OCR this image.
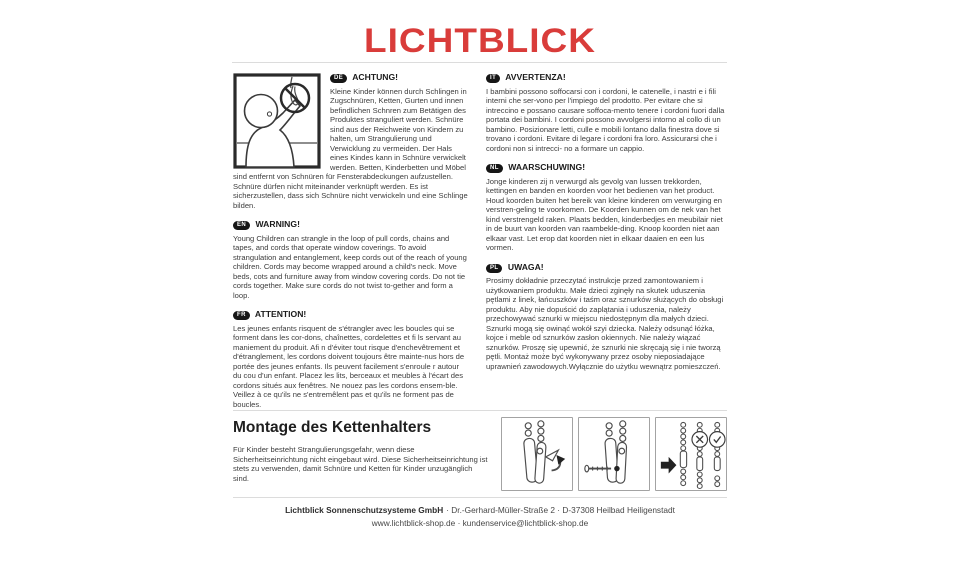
LICHTBLICK
DE ACHTUNG!

Kleine Kinder können durch Schlingen in Zugschnüren, Ketten, Gurten und innen befindlichen Schnren zum Betätigen des Produktes stranguliert werden. Schnüre sind aus der Reichweite von Kindern zu halten, um Strangulierung und Verwicklung zu vermeiden. Der Hals eines Kindes kann in Schnüre verwickelt werden. Betten, Kinderbetten und Möbel sind entfernt von Schnüren für Fensterabdeckungen aufzustellen. Schnüre dürfen nicht miteinander verknüpft werden. Es ist sicherzustellen, dass sich Schnüre nicht verwickeln und eine Schlinge bilden.

EN WARNING!

Young Children can strangle in the loop of pull cords, chains and tapes, and cords that operate window coverings. To avoid strangulation and entanglement, keep cords out of the reach of young children. Cords may become wrapped around a child's neck. Move beds, cots and furniture away from window covering cords. Do not tie cords together. Make sure cords do not twist to-gether and form a loop.

FR ATTENTION!

Les jeunes enfants risquent de s'étrangler avec les boucles qui se forment dans les cor-dons, chaînettes, cordelettes et fi ls servant au maniement du produit. Afi n d'éviter tout risque d'enchevêtrement et d'étranglement, les cordons doivent toujours être mainte-nus hors de portée des jeunes enfants. Ils peuvent facilement s'enroule r autour du cou d'un enfant. Placez les lits, berceaux et meubles à l'écart des cordons situés aux fenêtres. Ne nouez pas les cordons ensem-ble. Veillez à ce qu'ils ne s'entremêlent pas et qu'ils ne forment pas de boucles.

IT AVVERTENZA!

I bambini possono soffocarsi con i cordoni, le catenelle, i nastri e i fili interni che ser-vono per l'impiego del prodotto. Per evitare che si intreccino e possano causare soffoca-mento tenere i cordoni fuori dalla portata dei bambini. I cordoni possono avvolgersi intorno al collo di un bambino. Posizionare letti, culle e mobili lontano dalla finestra dove si trovano i cordoni. Evitare di legare i cordoni fra loro. Assicurarsi che i cordoni non si intrecci- no a formare un cappio.

NL WAARSCHUWING!

Jonge kinderen zij n verwurgd als gevolg van lussen trekkorden, kettingen en banden en koorden voor het bedienen van het product. Houd koorden buiten het bereik van kleine kinderen om verwurging en verstren-geling te voorkomen. De Koorden kunnen om de nek van het kind verstrengeld raken. Plaats bedden, kinderbedjes en meubilair niet in de buurt van koorden van raambekle-ding. Knoop koorden niet aan elkaar vast. Let erop dat koorden niet in elkaar daaien en een lus vormen.

PL UWAGA!

Prosimy dokładnie przeczytać instrukcje przed zamontowaniem i użytkowaniem produktu. Małe dzieci zginęły na skutek uduszenia pętlami z linek, łańcuszków i taśm oraz sznurków służących do obsługi produktu. Aby nie dopuścić do zaplątania i uduszenia, należy przechowywać sznurki w miejscu niedostępnym dla małych dzieci. Sznurki mogą się owinąć wokół szyi dziecka. Należy odsunąć łóżka, kojce i meble od sznurków zasłon okiennych. Nie należy wiązać sznurków. Proszę się upewnić, że sznurki nie skręcają się i nie tworzą pętli. Montaż może być wykonywany przez osoby nieposiadające uprawnień zawodowych.Wyłącznie do użytku wewnątrz pomieszczeń.

Montage des Kettenhalters

Für Kinder besteht Strangulierungsgefahr, wenn diese Sicherheitseinrichtung nicht eingebaut wird. Diese Sicherheitseinrichtung ist stets zu verwenden, damit Schnüre und Ketten für Kinder unzugänglich sind.

Lichtblick Sonnenschutzsysteme GmbH · Dr.-Gerhard-Müller-Straße 2 · D-37308 Heilbad Heiligenstadt
www.lichtblick-shop.de · kundenservice@lichtblick-shop.de
